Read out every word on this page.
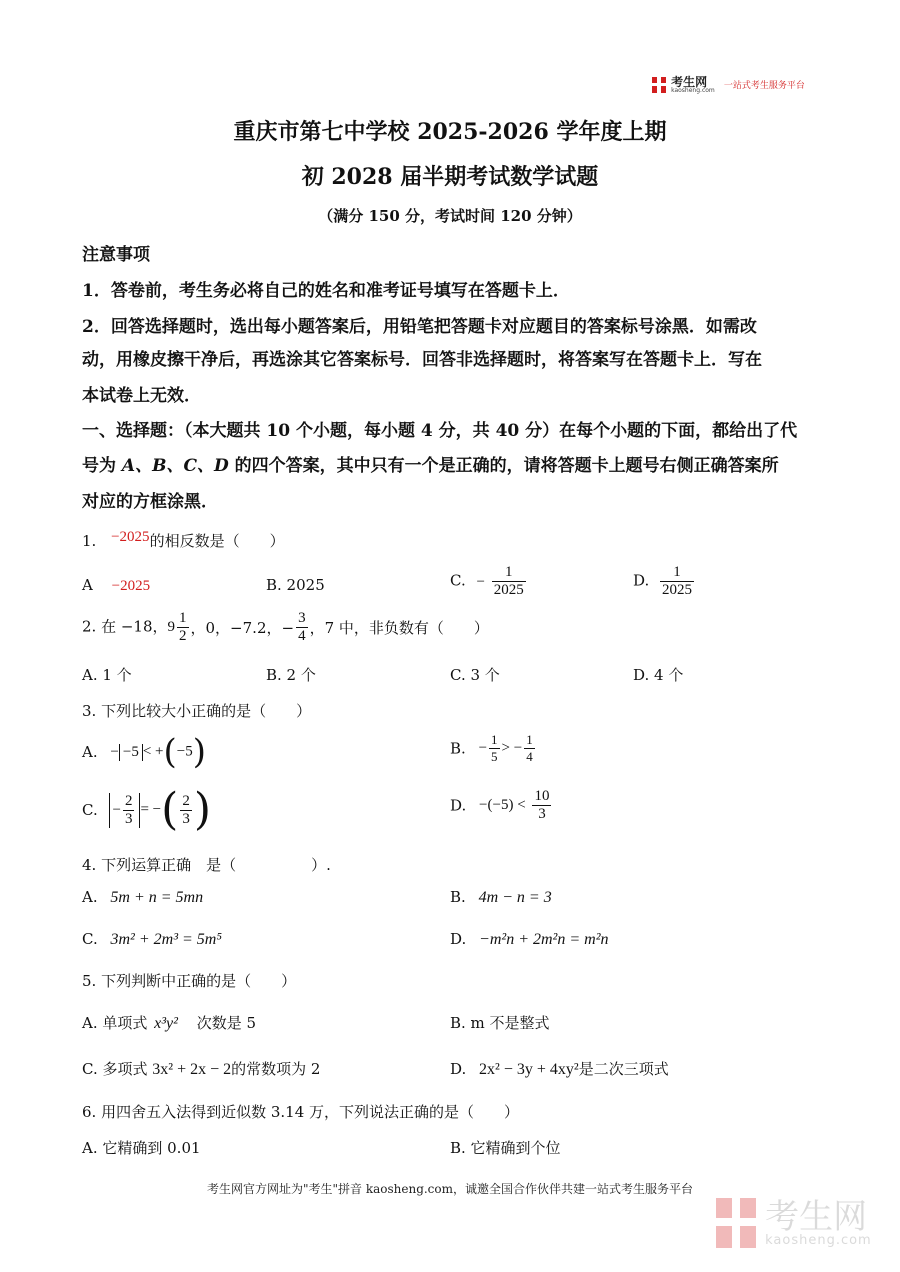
考生网
kaosheng.com 一站式考生服务平台
重庆市第七中学校 2025-2026 学年度上期
初 2028 届半期考试数学试题
（满分 150 分，考试时间 120 分钟）
注意事项
1．答卷前，考生务必将自己的姓名和准考证号填写在答题卡上．
2．回答选择题时，选出每小题答案后，用铅笔把答题卡对应题目的答案标号涂黑．如需改
动，用橡皮擦干净后，再选涂其它答案标号．回答非选择题时，将答案写在答题卡上．写在
本试卷上无效．
一、选择题：（本大题共 10 个小题，每小题 4 分，共 40 分）在每个小题的下面，都给出了代
号为 A、B、C、D 的四个答案，其中只有一个是正确的，请将答题卡上题号右侧正确答案所
对应的方框涂黑．
1. −2025的相反数是（　　）
A −2025	B. 2025	C. − $\frac{1}{2025}$	D. $\frac{1}{2025}$
2. 在 −18，$9 \frac{1}{2}$ ，0，−7.2，− $\frac{3}{4}$ ，7 中，非负数有（　　）
A. 1 个	B. 2 个	C. 3 个	D. 4 个
3. 下列比较大小正确的是（　　）
A. − −5 < +(−5)	B. − $\frac{1}{5}$ > − $\frac{1}{4}$
C. − $\frac{2}{3}$ = −( $\frac{2}{3}$ )	D. $-(-5) < \frac{10}{3}$
4. 下列运算正确　是（　　　　　）.
A. 5m + n = 5mn	B. 4m − n = 3
C. 3m² + 2m³ = 5m⁵	D. −m²n + 2m²n = m²n
5. 下列判断中正确的是（　　）
A. 单项式 x³y² 次数是 5	B. m 不是整式
C. 多项式 3x² + 2x − 2的常数项为 2	D. 2x² − 3y + 4xy²是二次三项式
6. 用四舍五入法得到近似数 3.14 万，下列说法正确的是（　　）
A. 它精确到 0.01	B. 它精确到个位
考生网官方网址为"考生"拼音 kaosheng.com，诚邀全国合作伙伴共建一站式考生服务平台

考生网
kaosheng.com
